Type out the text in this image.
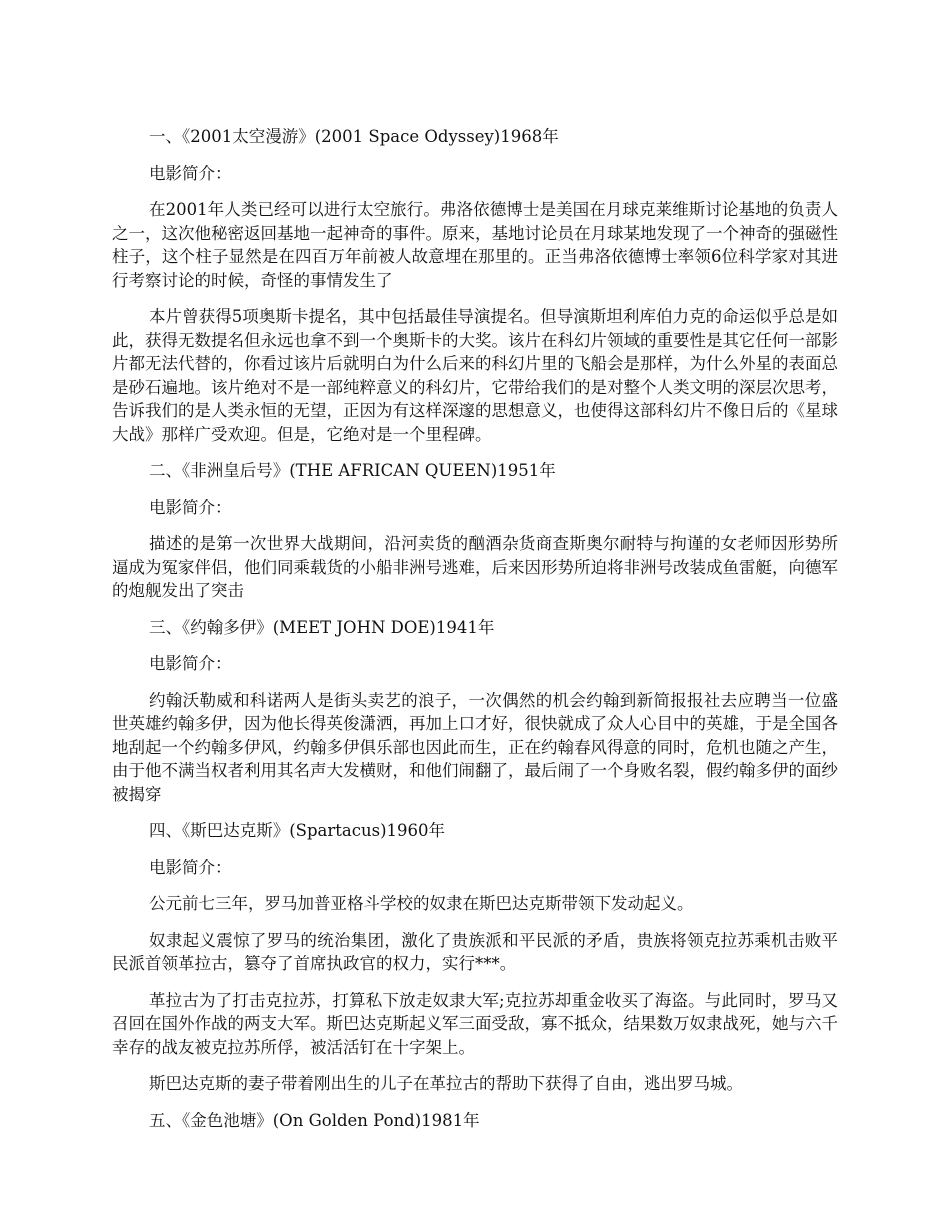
一、《2001太空漫游》(2001 Space Odyssey)1968年

电影简介：

在2001年人类已经可以进行太空旅行。弗洛依德博士是美国在月球克莱维斯讨论基地的负责人之一，这次他秘密返回基地一起神奇的事件。原来，基地讨论员在月球某地发现了一个神奇的强磁性柱子，这个柱子显然是在四百万年前被人故意埋在那里的。正当弗洛依德博士率领6位科学家对其进行考察讨论的时候，奇怪的事情发生了

本片曾获得5项奥斯卡提名，其中包括最佳导演提名。但导演斯坦利库伯力克的命运似乎总是如此，获得无数提名但永远也拿不到一个奥斯卡的大奖。该片在科幻片领域的重要性是其它任何一部影片都无法代替的，你看过该片后就明白为什么后来的科幻片里的飞船会是那样，为什么外星的表面总是砂石遍地。该片绝对不是一部纯粹意义的科幻片，它带给我们的是对整个人类文明的深层次思考，告诉我们的是人类永恒的无望，正因为有这样深邃的思想意义，也使得这部科幻片不像日后的《星球大战》那样广受欢迎。但是，它绝对是一个里程碑。

二、《非洲皇后号》(THE AFRICAN QUEEN)1951年

电影简介：

描述的是第一次世界大战期间，沿河卖货的酗酒杂货商查斯奥尔耐特与拘谨的女老师因形势所逼成为冤家伴侣，他们同乘载货的小船非洲号逃难，后来因形势所迫将非洲号改装成鱼雷艇，向德军的炮舰发出了突击

三、《约翰多伊》(MEET JOHN DOE)1941年

电影简介：

约翰沃勒威和科诺两人是街头卖艺的浪子，一次偶然的机会约翰到新简报报社去应聘当一位盛世英雄约翰多伊，因为他长得英俊潇洒，再加上口才好，很快就成了众人心目中的英雄，于是全国各地刮起一个约翰多伊风，约翰多伊俱乐部也因此而生，正在约翰春风得意的同时，危机也随之产生，由于他不满当权者利用其名声大发横财，和他们闹翻了，最后闹了一个身败名裂，假约翰多伊的面纱被揭穿

四、《斯巴达克斯》(Spartacus)1960年

电影简介：

公元前七三年，罗马加普亚格斗学校的奴隶在斯巴达克斯带领下发动起义。

奴隶起义震惊了罗马的统治集团，激化了贵族派和平民派的矛盾，贵族将领克拉苏乘机击败平民派首领革拉古，篡夺了首席执政官的权力，实行***。

革拉古为了打击克拉苏，打算私下放走奴隶大军;克拉苏却重金收买了海盗。与此同时，罗马又召回在国外作战的两支大军。斯巴达克斯起义军三面受敌，寡不抵众，结果数万奴隶战死，她与六千幸存的战友被克拉苏所俘，被活活钉在十字架上。

斯巴达克斯的妻子带着刚出生的儿子在革拉古的帮助下获得了自由，逃出罗马城。

五、《金色池塘》(On Golden Pond)1981年
